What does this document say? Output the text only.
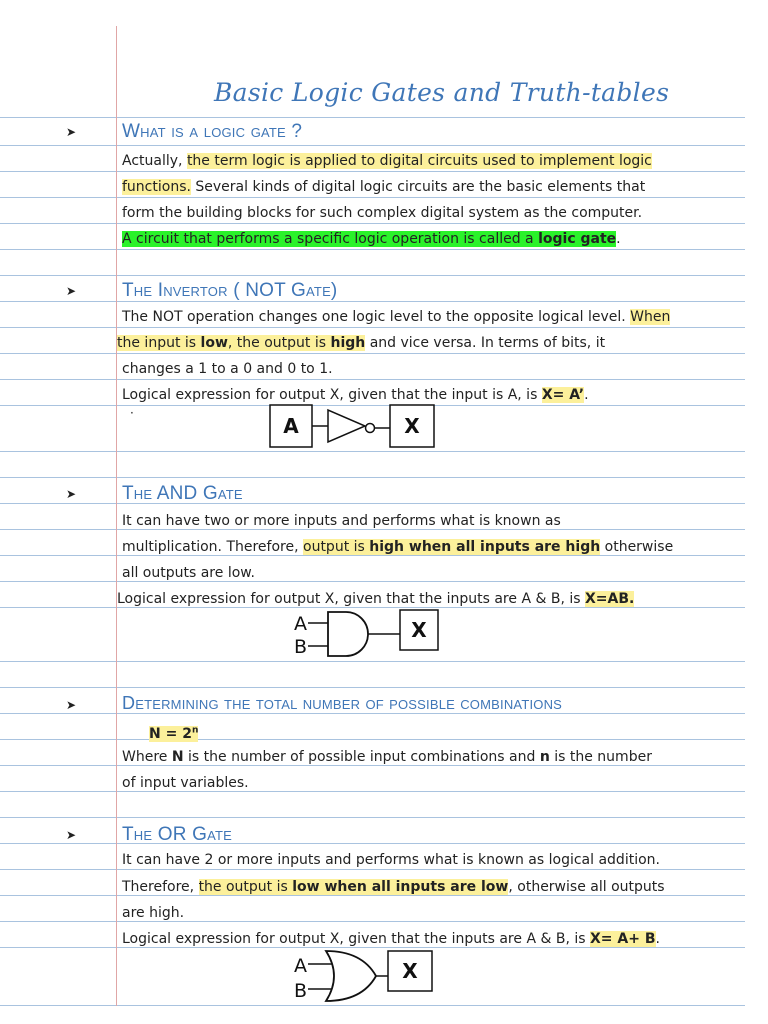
Basic Logic Gates and Truth-tables
➤ What is a logic gate ?
Actually, the term logic is applied to digital circuits used to implement logic
functions. Several kinds of digital logic circuits are the basic elements that
form the building blocks for such complex digital system as the computer.
A circuit that performs a specific logic operation is called a logic gate.
➤ The Invertor ( NOT Gate)
The NOT operation changes one logic level to the opposite logical level. When
the input is low, the output is high and vice versa. In terms of bits, it
changes a 1 to a 0 and 0 to 1.
Logical expression for output X, given that the input is A, is X= A’.
·
A	X
➤ The AND Gate
It can have two or more inputs and performs what is known as
multiplication. Therefore, output is high when all inputs are high otherwise
all outputs are low.
Logical expression for output X, given that the inputs are A & B, is X=AB.
A
B
X
➤	Determining the total number of possible combinations
$N = 2^n$
Where N is the number of possible input combinations and n is the number
of input variables.
➤ The OR Gate
It can have 2 or more inputs and performs what is known as logical addition.
Therefore, the output is low when all inputs are low, otherwise all outputs
are high.
Logical expression for output X, given that the inputs are A & B, is X= A+ B.
A
B
X
